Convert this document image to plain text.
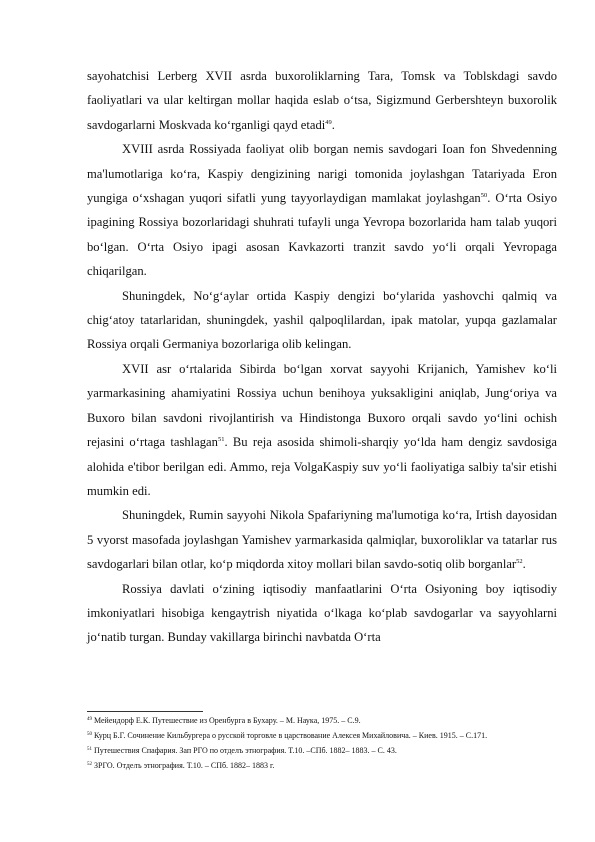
sayohatchisi Lerberg XVII asrda buxoroliklarning Tara, Tomsk va Toblskdagi savdo faoliyatlari va ular keltirgan mollar haqida eslab o‘tsa, Sigizmund Gerbershteyn buxorolik savdogarlarni Moskvada ko‘rganligi qayd etadi$^{49}$.

XVIII asrda Rossiyada faoliyat olib borgan nemis savdogari Ioan fon Shvedenning ma'lumotlariga ko‘ra, Kaspiy dengizining narigi tomonida joylashgan Tatariyada Eron yungiga o‘xshagan yuqori sifatli yung tayyorlaydigan mamlakat joylashgan$^{50}$. O‘rta Osiyo ipagining Rossiya bozorlaridagi shuhrati tufayli unga Yevropa bozorlarida ham talab yuqori bo‘lgan. O‘rta Osiyo ipagi asosan Kavkazorti tranzit savdo yo‘li orqali Yevropaga chiqarilgan.

Shuningdek, No‘g‘aylar ortida Kaspiy dengizi bo‘ylarida yashovchi qalmiq va chig‘atoy tatarlaridan, shuningdek, yashil qalpoqlilardan, ipak matolar, yupqa gazlamalar Rossiya orqali Germaniya bozorlariga olib kelingan.

XVII asr o‘rtalarida Sibirda bo‘lgan xorvat sayyohi Krijanich, Yamishev ko‘li yarmarkasining ahamiyatini Rossiya uchun benihoya yuksakligini aniqlab, Jung‘oriya va Buxoro bilan savdoni rivojlantirish va Hindistonga Buxoro orqali savdo yo‘lini ochish rejasini o‘rtaga tashlagan$^{51}$. Bu reja asosida shimoli-sharqiy yo‘lda ham dengiz savdosiga alohida e'tibor berilgan edi. Ammo, reja VolgaKaspiy suv yo‘li faoliyatiga salbiy ta'sir etishi mumkin edi.

Shuningdek, Rumin sayyohi Nikola Spafariyning ma'lumotiga ko‘ra, Irtish dayosidan 5 vyorst masofada joylashgan Yamishev yarmarkasida qalmiqlar, buxoroliklar va tatarlar rus savdogarlari bilan otlar, ko‘p miqdorda xitoy mollari bilan savdo-sotiq olib borganlar$^{52}$.

Rossiya davlati o‘zining iqtisodiy manfaatlarini O‘rta Osiyoning boy iqtisodiy imkoniyatlari hisobiga kengaytrish niyatida o‘lkaga ko‘plab savdogarlar va sayyohlarni jo‘natib turgan. Bunday vakillarga birinchi navbatda O‘rta

$^{49}$ Мейендорф Е.К. Путешествие из Оренбурга в Бухару. – М. Наука, 1975. – С.9.

$^{50}$ Курц Б.Г. Сочинение Кильбургера о русской торговле в царствование Алексея Михайловича. – Киев. 1915. – С.171.

$^{51}$ Путешествия Спафария. Зап РГО по отделъ этнография. Т.10. –СПб. 1882– 1883. – С. 43.

$^{52}$ ЗРГО. Отделъ этнография. Т.10. – СПб. 1882– 1883 г.
